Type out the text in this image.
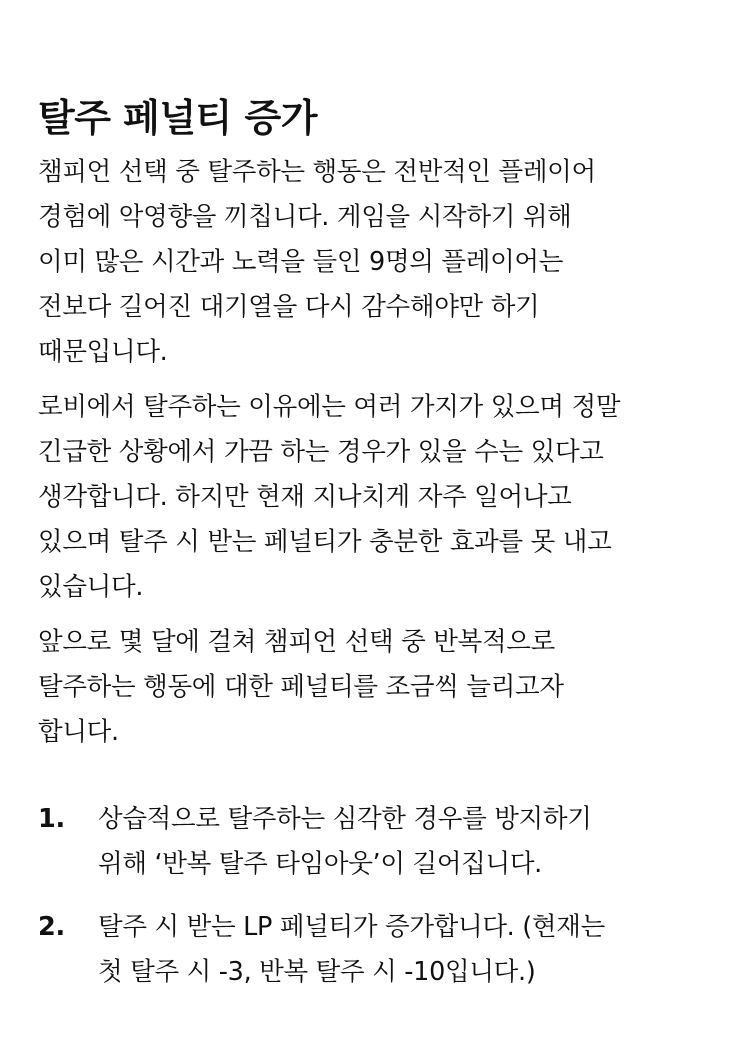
탈주 페널티 증가

챔피언 선택 중 탈주하는 행동은 전반적인 플레이어
경험에 악영향을 끼칩니다. 게임을 시작하기 위해
이미 많은 시간과 노력을 들인 9명의 플레이어는
전보다 길어진 대기열을 다시 감수해야만 하기
때문입니다.

로비에서 탈주하는 이유에는 여러 가지가 있으며 정말
긴급한 상황에서 가끔 하는 경우가 있을 수는 있다고
생각합니다. 하지만 현재 지나치게 자주 일어나고
있으며 탈주 시 받는 페널티가 충분한 효과를 못 내고
있습니다.

앞으로 몇 달에 걸쳐 챔피언 선택 중 반복적으로
탈주하는 행동에 대한 페널티를 조금씩 늘리고자
합니다.

1. 상습적으로 탈주하는 심각한 경우를 방지하기
위해 ‘반복 탈주 타임아웃’이 길어집니다.
2. 탈주 시 받는 LP 페널티가 증가합니다. (현재는
첫 탈주 시 -3, 반복 탈주 시 -10입니다.)
